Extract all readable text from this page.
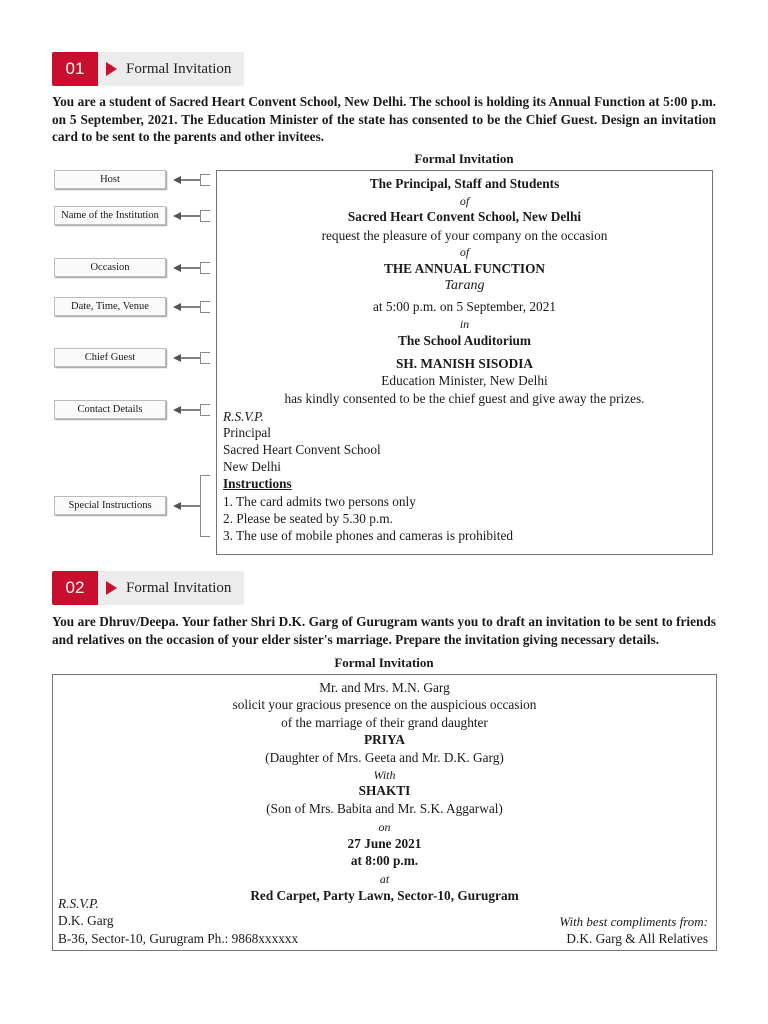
01	Formal Invitation
You are a student of Sacred Heart Convent School, New Delhi. The school is holding its Annual Function at 5:00 p.m. on 5 September, 2021. The Education Minister of the state has consented to be the Chief Guest. Design an invitation card to be sent to the parents and other invitees.
Formal Invitation
Host
Name of the Institution
Occasion
Date, Time, Venue
Chief Guest
Contact Details
Special Instructions
The Principal, Staff and Students
of
Sacred Heart Convent School, New Delhi
request the pleasure of your company on the occasion
of
THE ANNUAL FUNCTION
Tarang
at 5:00 p.m. on 5 September, 2021
in
The School Auditorium
SH. MANISH SISODIA
Education Minister, New Delhi
has kindly consented to be the chief guest and give away the prizes.
R.S.V.P.
Principal
Sacred Heart Convent School
New Delhi
Instructions
1. The card admits two persons only
2. Please be seated by 5.30 p.m.
3. The use of mobile phones and cameras is prohibited
02	Formal Invitation
You are Dhruv/Deepa. Your father Shri D.K. Garg of Gurugram wants you to draft an invitation to be sent to friends and relatives on the occasion of your elder sister's marriage. Prepare the invitation giving necessary details.
Formal Invitation
Mr. and Mrs. M.N. Garg
solicit your gracious presence on the auspicious occasion
of the marriage of their grand daughter
PRIYA
(Daughter of Mrs. Geeta and Mr. D.K. Garg)
With
SHAKTI
(Son of Mrs. Babita and Mr. S.K. Aggarwal)
on
27 June 2021
at 8:00 p.m.
at
Red Carpet, Party Lawn, Sector-10, Gurugram
R.S.V.P.
D.K. Garg
B-36, Sector-10, Gurugram Ph.: 9868xxxxxx
With best compliments from:
D.K. Garg & All Relatives
